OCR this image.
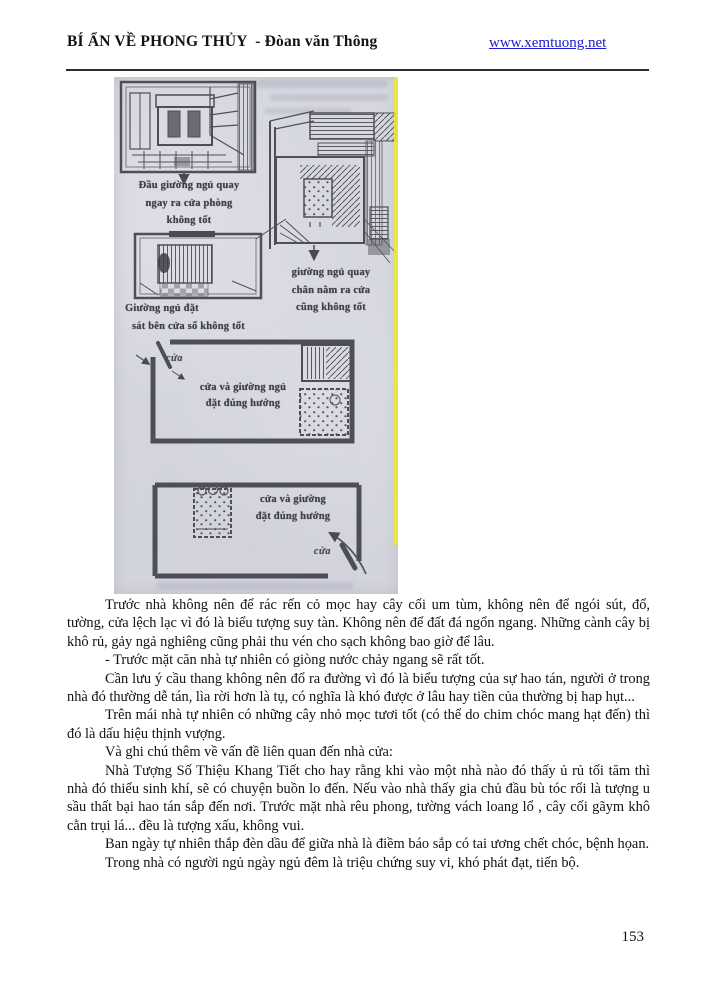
BÍ ẨN VỀ PHONG THỦY  - Đòan văn Thông	www.xemtuong.net
Đầu giường ngủ quay
ngay ra cửa phòng
không tốt
Giường ngủ đặt
sát bên cửa sổ không tốt
giường ngủ quay
chân nằm ra cửa
cũng không tốt
cửa và giường ngủ
đặt đúng hướng
cửa và giường
đặt đúng hướng
cửa
cửa

Trước nhà không nên để rác rến cỏ mọc hay cây cối um tùm, không nên để ngói sút, đổ, tường, cửa lệch lạc vì đó là biểu tượng suy tàn. Không nên để đất đá ngổn ngang. Những cành cây bị khô rủ, gảy ngả nghiêng cũng phải thu vén cho sạch không bao giờ để lâu.

- Trước mặt căn nhà tự nhiên có giòng nước chảy ngang sẽ rất tốt.

Cần lưu ý cầu thang không nên đổ ra đường vì đó là biểu tượng của sự hao tán, người ở trong nhà đó thường dễ tán, lìa rời hơn là tụ, có nghĩa là khó được ở lâu hay tiền của thường bị hap hụt...

Trên mái nhà tự nhiên có những cây nhỏ mọc tươi tốt (có thể do chim chóc mang hạt đến) thì đó là dấu hiệu thịnh vượng.

Và ghi chú thêm về vấn đề liên quan đến nhà cửa:

Nhà Tượng Số Thiệu Khang Tiết cho hay rằng khi vào một nhà nào đó thấy ủ rủ tối tăm thì nhà đó thiếu sinh khí, sẽ có chuyện buồn lo đến. Nếu vào nhà thấy gia chủ đầu bù tóc rối là tượng u sầu thất bại hao tán sắp đến nơi. Trước mặt nhà rêu phong, tường vách loang lổ , cây cối gãym khô cằn trụi lá... đều là tượng xấu, không vui.

Ban ngày tự nhiên thắp đèn dầu để giữa nhà là điềm báo sắp có tai ương chết chóc, bệnh họan.

Trong nhà có người ngủ ngày ngủ đêm là triệu chứng suy vi, khó phát đạt, tiến bộ.

153
